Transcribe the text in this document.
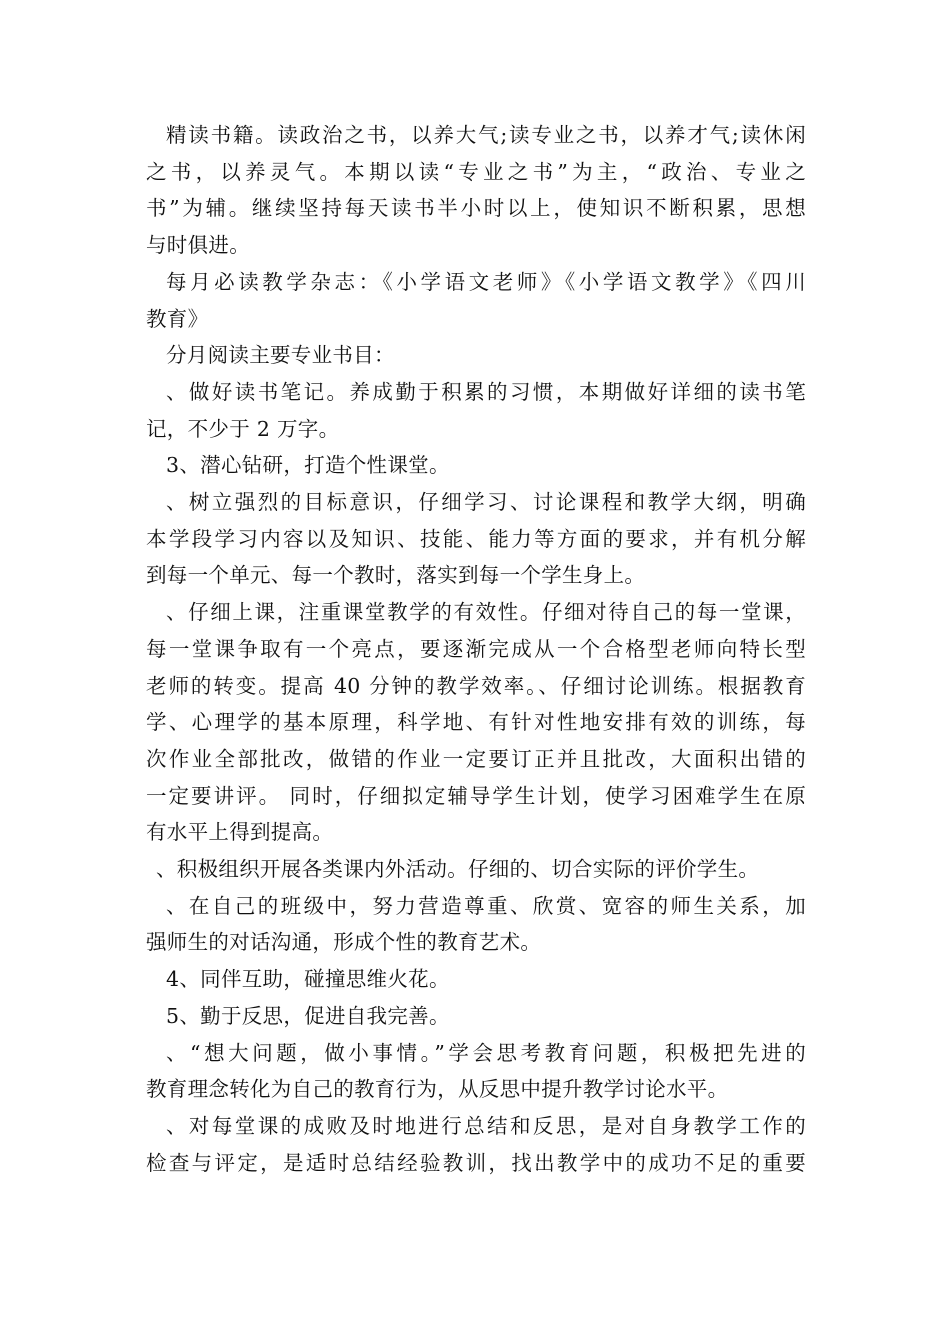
精读书籍。读政治之书，以养大气;读专业之书，以养才气;读休闲
之书，以养灵气。本期以读“专业之书”为主，“政治、专业之
书”为辅。继续坚持每天读书半小时以上，使知识不断积累，思想
与时俱进。

每月必读教学杂志：《小学语文老师》《小学语文教学》《四川
教育》

分月阅读主要专业书目：

、做好读书笔记。养成勤于积累的习惯，本期做好详细的读书笔
记，不少于 2 万字。

3、潜心钻研，打造个性课堂。

、树立强烈的目标意识，仔细学习、讨论课程和教学大纲，明确
本学段学习内容以及知识、技能、能力等方面的要求，并有机分解
到每一个单元、每一个教时，落实到每一个学生身上。

、仔细上课，注重课堂教学的有效性。仔细对待自己的每一堂课，
每一堂课争取有一个亮点，要逐渐完成从一个合格型老师向特长型
老师的转变。提高 40 分钟的教学效率。、仔细讨论训练。根据教育
学、心理学的基本原理，科学地、有针对性地安排有效的训练，每
次作业全部批改，做错的作业一定要订正并且批改，大面积出错的
一定要讲评。 同时，仔细拟定辅导学生计划，使学习困难学生在原
有水平上得到提高。

、积极组织开展各类课内外活动。仔细的、切合实际的评价学生。

、在自己的班级中，努力营造尊重、欣赏、宽容的师生关系，加
强师生的对话沟通，形成个性的教育艺术。

4、同伴互助，碰撞思维火花。

5、勤于反思，促进自我完善。

、“想大问题，做小事情。”学会思考教育问题，积极把先进的
教育理念转化为自己的教育行为，从反思中提升教学讨论水平。

、对每堂课的成败及时地进行总结和反思，是对自身教学工作的
检查与评定，是适时总结经验教训，找出教学中的成功不足的重要
